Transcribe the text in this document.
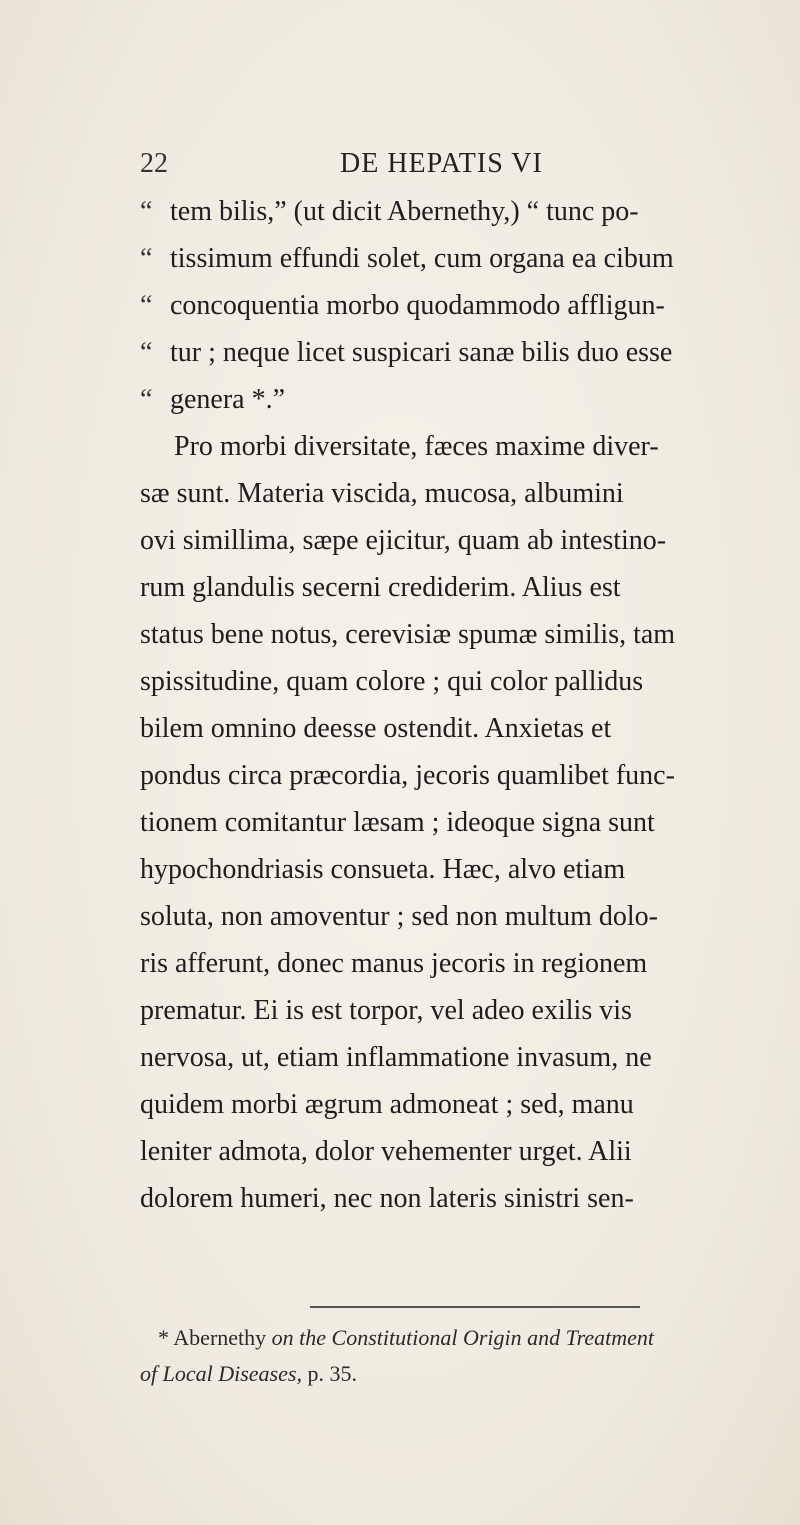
22	DE HEPATIS VI
“ tem bilis,” (ut dicit Abernethy,) “ tunc po-
“ tissimum effundi solet, cum organa ea cibum
“ concoquentia morbo quodammodo affligun-
“ tur ; neque licet suspicari sanæ bilis duo esse
“ genera *.”
Pro morbi diversitate, fæces maxime diver-
sæ sunt. Materia viscida, mucosa, albumini
ovi simillima, sæpe ejicitur, quam ab intestino-
rum glandulis secerni crediderim. Alius est
status bene notus, cerevisiæ spumæ similis, tam
spissitudine, quam colore ; qui color pallidus
bilem omnino deesse ostendit. Anxietas et
pondus circa præcordia, jecoris quamlibet func-
tionem comitantur læsam ; ideoque signa sunt
hypochondriasis consueta. Hæc, alvo etiam
soluta, non amoventur ; sed non multum dolo-
ris afferunt, donec manus jecoris in regionem
prematur. Ei is est torpor, vel adeo exilis vis
nervosa, ut, etiam inflammatione invasum, ne
quidem morbi ægrum admoneat ; sed, manu
leniter admota, dolor vehementer urget. Alii
dolorem humeri, nec non lateris sinistri sen-
* Abernethy on the Constitutional Origin and Treatment
of Local Diseases, p. 35.
